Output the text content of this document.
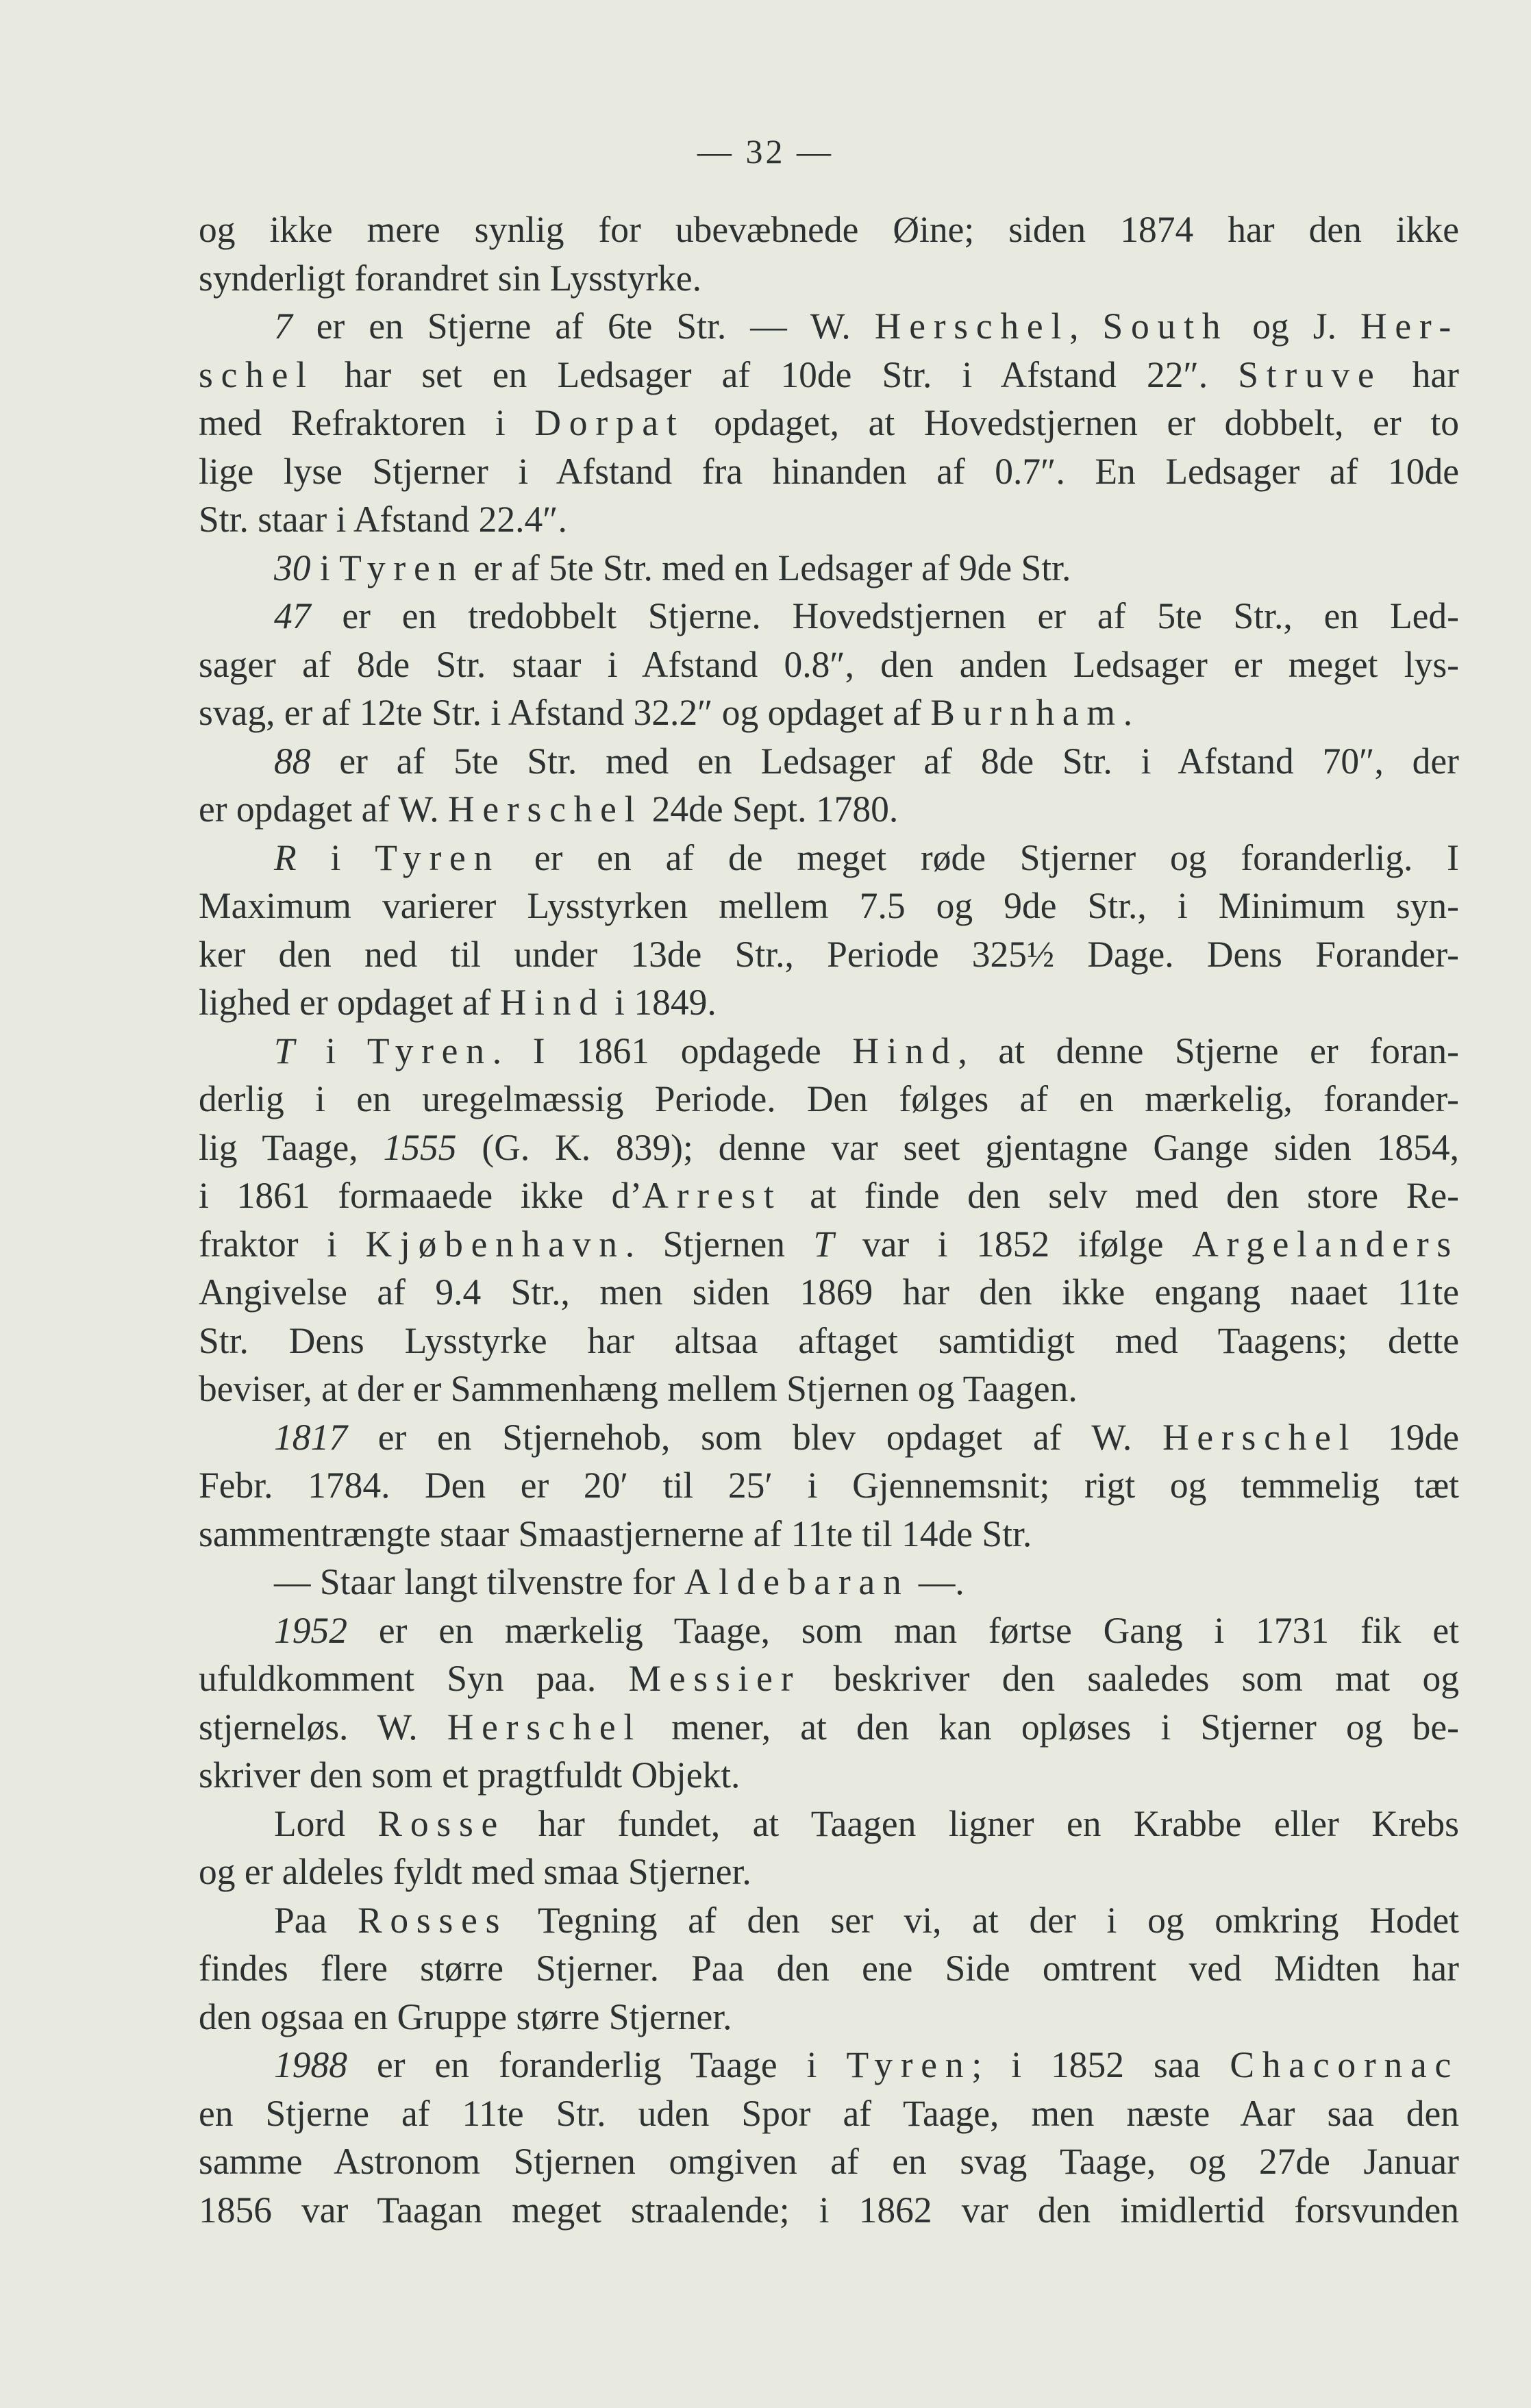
— 32 —

og ikke mere synlig for ubevæbnede Øine; siden 1874 har den ikke

synderligt forandret sin Lysstyrke.

7 er en Stjerne af 6te Str. — W. Herschel, South og J. Her-

schel har set en Ledsager af 10de Str. i Afstand 22″. Struve har

med Refraktoren i Dorpat opdaget, at Hovedstjernen er dobbelt, er to

lige lyse Stjerner i Afstand fra hinanden af 0.7″. En Ledsager af 10de

Str. staar i Afstand 22.4″.

30 i Tyren er af 5te Str. med en Ledsager af 9de Str.

47 er en tredobbelt Stjerne. Hovedstjernen er af 5te Str., en Led-

sager af 8de Str. staar i Afstand 0.8″, den anden Ledsager er meget lys-

svag, er af 12te Str. i Afstand 32.2″ og opdaget af Burnham.

88 er af 5te Str. med en Ledsager af 8de Str. i Afstand 70″, der

er opdaget af W. Herschel 24de Sept. 1780.

R i Tyren er en af de meget røde Stjerner og foranderlig. I

Maximum varierer Lysstyrken mellem 7.5 og 9de Str., i Minimum syn-

ker den ned til under 13de Str., Periode 325½ Dage. Dens Forander-

lighed er opdaget af Hind i 1849.

T i Tyren. I 1861 opdagede Hind, at denne Stjerne er foran-

derlig i en uregelmæssig Periode. Den følges af en mærkelig, forander-

lig Taage, 1555 (G. K. 839); denne var seet gjentagne Gange siden 1854,

i 1861 formaaede ikke d’Arrest at finde den selv med den store Re-

fraktor i Kjøbenhavn. Stjernen T var i 1852 ifølge Argelanders

Angivelse af 9.4 Str., men siden 1869 har den ikke engang naaet 11te

Str. Dens Lysstyrke har altsaa aftaget samtidigt med Taagens; dette

beviser, at der er Sammenhæng mellem Stjernen og Taagen.

1817 er en Stjernehob, som blev opdaget af W. Herschel 19de

Febr. 1784. Den er 20′ til 25′ i Gjennemsnit; rigt og temmelig tæt

sammentrængte staar Smaastjernerne af 11te til 14de Str.

— Staar langt tilvenstre for Aldebaran —.

1952 er en mærkelig Taage, som man førtse Gang i 1731 fik et

ufuldkomment Syn paa. Messier beskriver den saaledes som mat og

stjerneløs. W. Herschel mener, at den kan opløses i Stjerner og be-

skriver den som et pragtfuldt Objekt.

Lord Rosse har fundet, at Taagen ligner en Krabbe eller Krebs

og er aldeles fyldt med smaa Stjerner.

Paa Rosses Tegning af den ser vi, at der i og omkring Hodet

findes flere større Stjerner. Paa den ene Side omtrent ved Midten har

den ogsaa en Gruppe større Stjerner.

1988 er en foranderlig Taage i Tyren; i 1852 saa Chacornac

en Stjerne af 11te Str. uden Spor af Taage, men næste Aar saa den

samme Astronom Stjernen omgiven af en svag Taage, og 27de Januar

1856 var Taagan meget straalende; i 1862 var den imidlertid forsvunden
